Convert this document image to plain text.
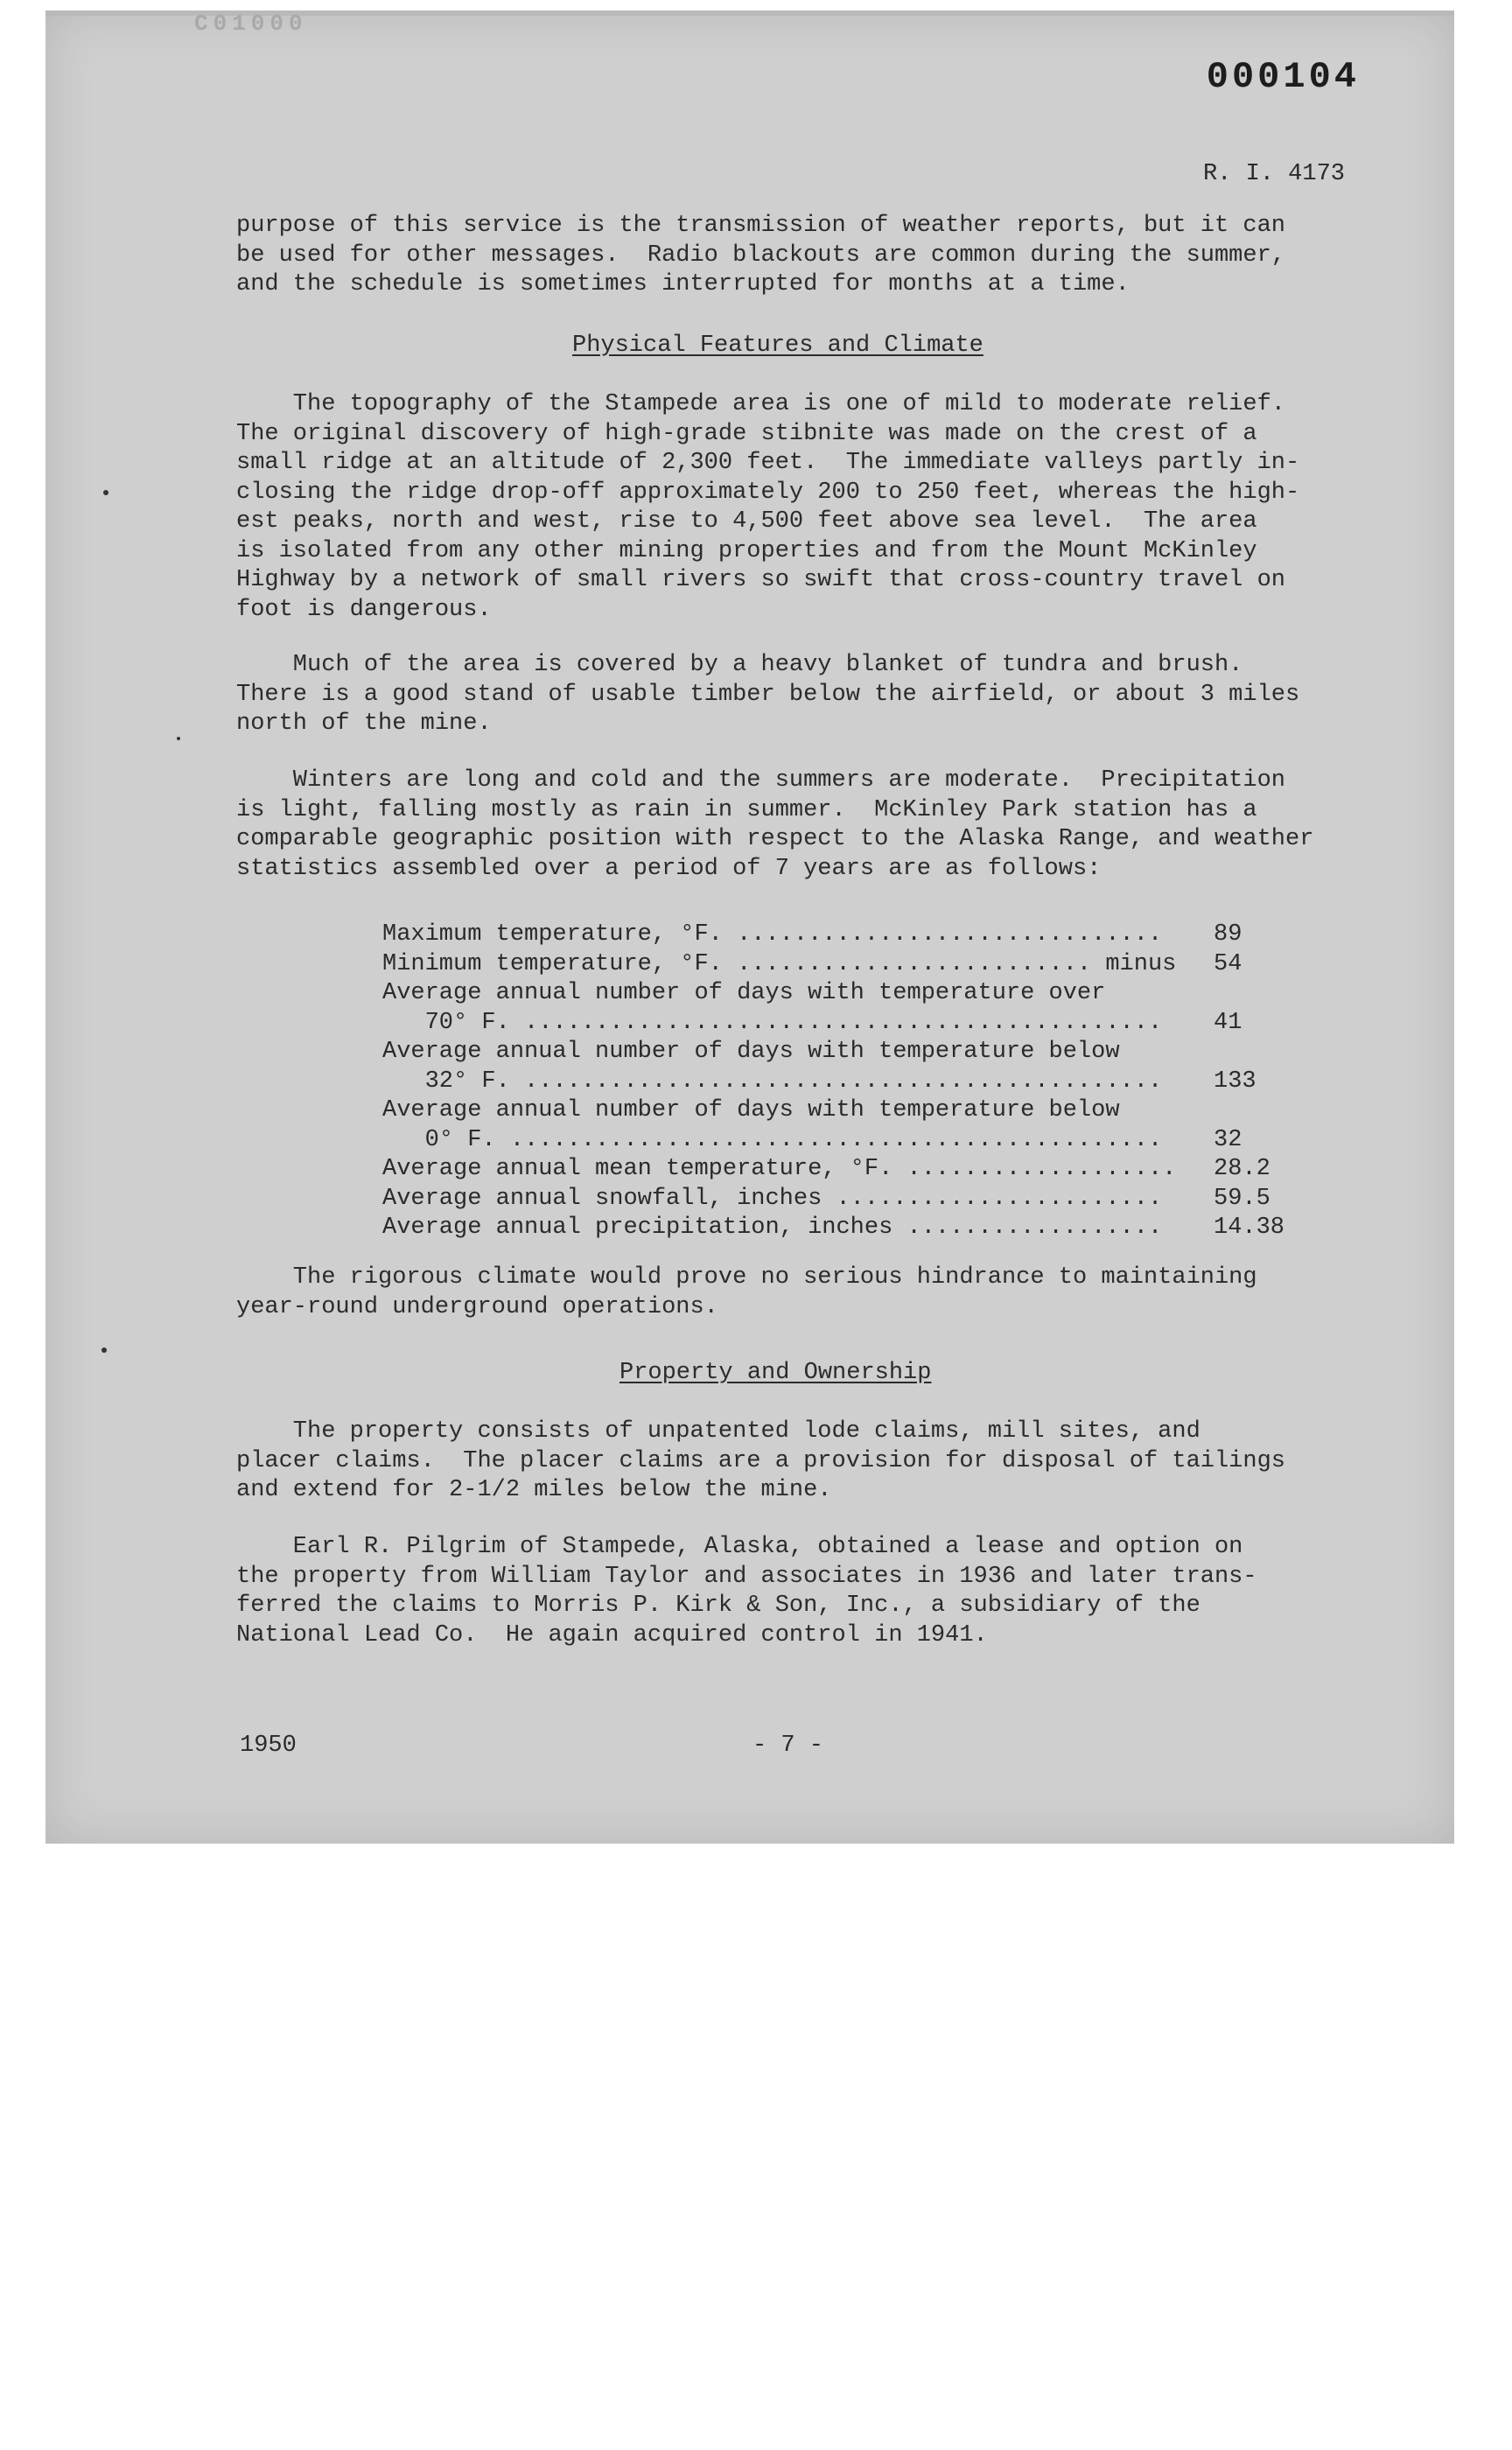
C01000
000104
R. I. 4173
purpose of this service is the transmission of weather reports, but it can
be used for other messages.  Radio blackouts are common during the summer,
and the schedule is sometimes interrupted for months at a time.
Physical Features and Climate
The topography of the Stampede area is one of mild to moderate relief.
The original discovery of high-grade stibnite was made on the crest of a
small ridge at an altitude of 2,300 feet.  The immediate valleys partly in-
closing the ridge drop-off approximately 200 to 250 feet, whereas the high-
est peaks, north and west, rise to 4,500 feet above sea level.  The area
is isolated from any other mining properties and from the Mount McKinley
Highway by a network of small rivers so swift that cross-country travel on
foot is dangerous.
Much of the area is covered by a heavy blanket of tundra and brush.
There is a good stand of usable timber below the airfield, or about 3 miles
north of the mine.
Winters are long and cold and the summers are moderate.  Precipitation
is light, falling mostly as rain in summer.  McKinley Park station has a
comparable geographic position with respect to the Alaska Range, and weather
statistics assembled over a period of 7 years are as follows:
Maximum temperature, °F. ..............................	89
Minimum temperature, °F. ......................... minus	54
Average annual number of days with temperature over
70° F. .............................................	41
Average annual number of days with temperature below
32° F. .............................................	133
Average annual number of days with temperature below
0° F. ..............................................	32
Average annual mean temperature, °F. ...................	28.2
Average annual snowfall, inches .......................	59.5
Average annual precipitation, inches ..................	14.38
The rigorous climate would prove no serious hindrance to maintaining
year-round underground operations.
Property and Ownership
The property consists of unpatented lode claims, mill sites, and
placer claims.  The placer claims are a provision for disposal of tailings
and extend for 2-1/2 miles below the mine.
Earl R. Pilgrim of Stampede, Alaska, obtained a lease and option on
the property from William Taylor and associates in 1936 and later trans-
ferred the claims to Morris P. Kirk & Son, Inc., a subsidiary of the
National Lead Co.  He again acquired control in 1941.
1950	- 7 -
